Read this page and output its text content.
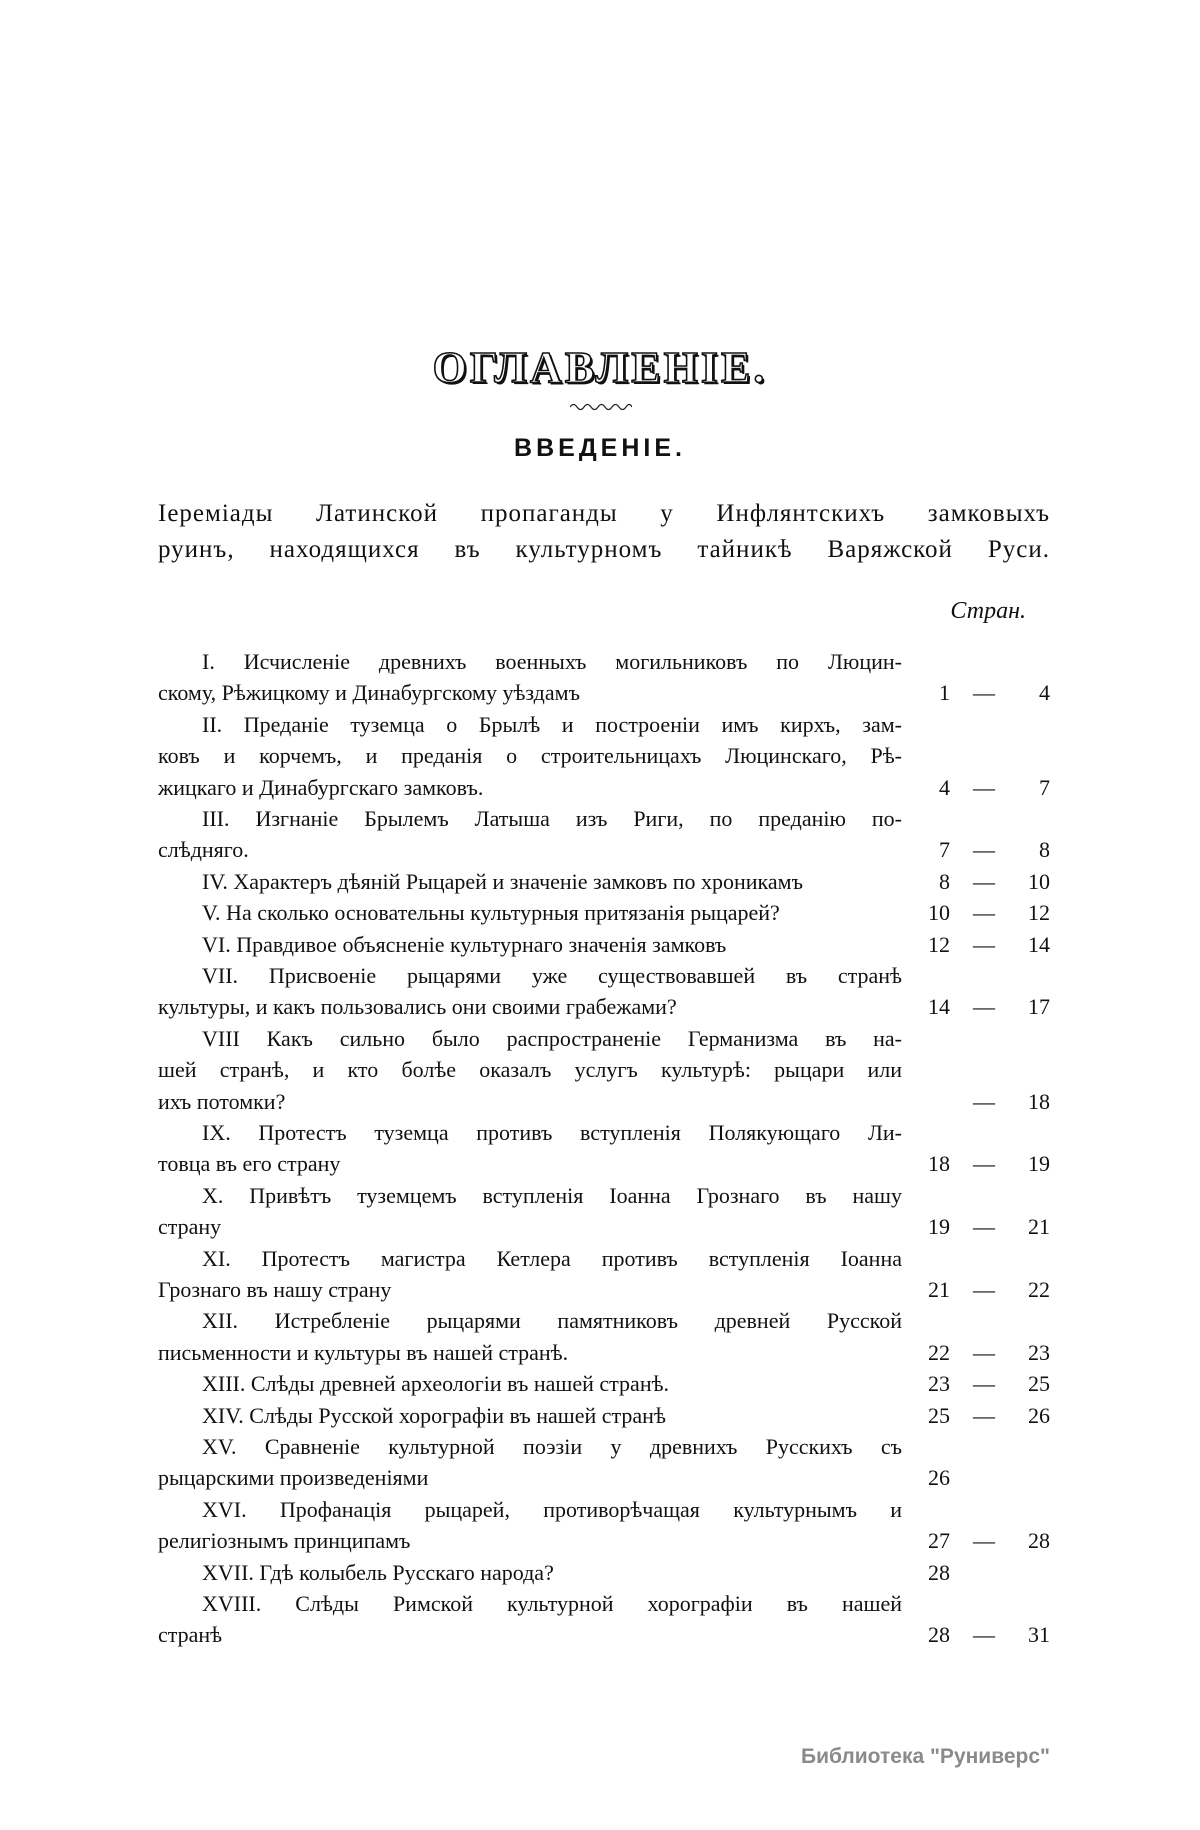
ОГЛАВЛЕНІЕ.
ВВЕДЕНІЕ.
Іеремiады Латинской пропаганды у Инфлянтскихъ замковыхъ
руинъ, находящихся въ культурномъ тайникѣ Варяжской Руси.
Стран.
I. Исчисленіе древнихъ военныхъ могильниковъ по Люцин-
скому, Рѣжицкому и Динабургскому уѣздамъ	1 —	4
II. Преданіе туземца о Брылѣ и построеніи имъ кирхъ, зам-
ковъ и корчемъ, и преданія о строительницахъ Люцинскаго, Рѣ-
жицкаго и Динабургскаго замковъ.	4 —	7
III. Изгнаніе Брылемъ Латыша изъ Риги, по преданію по-
слѣдняго.	7 —	8
IV. Характеръ дѣяній Рыцарей и значеніе замковъ по хроникамъ	8 —	10
V. На сколько основательны культурныя притязанія рыцарей?	10 —	12
VI. Правдивое объясненіе культурнаго значенія замковъ	12 —	14
VII. Присвоеніе рыцарями уже существовавшей въ странѣ
культуры, и какъ пользовались они своими грабежами?	14 —	17
VIII Какъ сильно было распространеніе Германизма въ на-
шей странѣ, и кто болѣе оказалъ услугъ культурѣ: рыцари или
ихъ потомки?	—	18
IX. Протестъ туземца противъ вступленія Полякующаго Ли-
товца въ его страну	18 —	19
X. Привѣтъ туземцемъ вступленія Іоанна Грознаго въ нашу
страну	19 —	21
XI. Протестъ магистра Кетлера противъ вступленія Іоанна
Грознаго въ нашу страну	21 —	22
XII. Истребленіе рыцарями памятниковъ древней Русской
письменности и культуры въ нашей странѣ.	22 —	23
XIII. Слѣды древней археологіи въ нашей странѣ.	23 —	25
XIV. Слѣды Русской хорографіи въ нашей странѣ	25 —	26
XV. Сравненіе культурной поэзіи у древнихъ Русскихъ съ
рыцарскими произведеніями	26
XVI. Профанація рыцарей, противорѣчащая культурнымъ и
религіознымъ принципамъ	27 —	28
XVII. Гдѣ колыбель Русскаго народа?	28
XVIII. Слѣды Римской культурной хорографіи въ нашей
странѣ	28 —	31
Библиотека "Руниверс"
